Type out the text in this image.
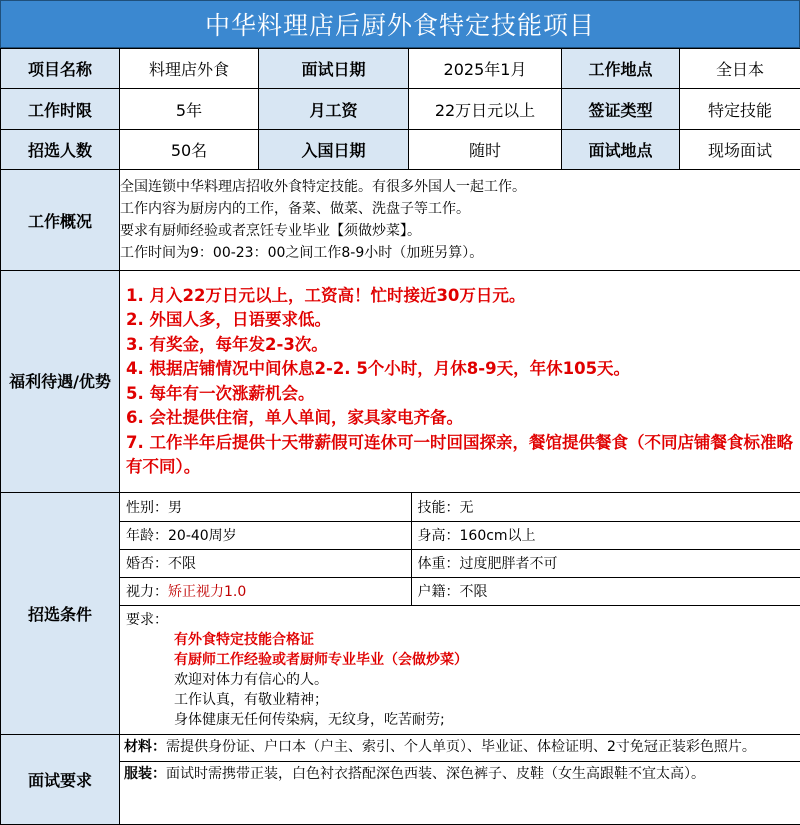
中华料理店后厨外食特定技能项目
项目名称	料理店外食	面试日期	2025年1月	工作地点	全日本
工作时限	5年	月工资	22万日元以上	签证类型	特定技能
招选人数	50名	入国日期	随时	面试地点	现场面试
工作概况	
全国连锁中华料理店招收外食特定技能。有很多外国人一起工作。
工作内容为厨房内的工作，备菜、做菜、洗盘子等工作。
要求有厨师经验或者烹饪专业毕业【须做炒菜】。
工作时间为9：00-23：00之间工作8-9小时（加班另算）。

福利待遇/优势	
1. 月入22万日元以上，工资高！忙时接近30万日元。
2. 外国人多，日语要求低。
3. 有奖金，每年发2-3次。
4. 根据店铺情况中间休息2-2. 5个小时，月休8-9天，年休105天。
5. 每年有一次涨薪机会。
6. 会社提供住宿，单人单间，家具家电齐备。
7. 工作半年后提供十天带薪假可连休可一时回国探亲，餐馆提供餐食（不同店铺餐食标准略有不同）。

招选条件	
性别：男	技能：无
年龄：20-40周岁	身高：160cm以上
婚否：不限	体重：过度肥胖者不可
视力：矫正视力1.0	户籍：不限
要求：
有外食特定技能合格证
有厨师工作经验或者厨师专业毕业（会做炒菜）
欢迎对体力有信心的人。
工作认真，有敬业精神；
身体健康无任何传染病，无纹身，吃苦耐劳;

面试要求	
材料：需提供身份证、户口本（户主、索引、个人单页）、毕业证、体检证明、2寸免冠正装彩色照片。
服装：面试时需携带正装，白色衬衣搭配深色西装、深色裤子、皮鞋（女生高跟鞋不宜太高）。
